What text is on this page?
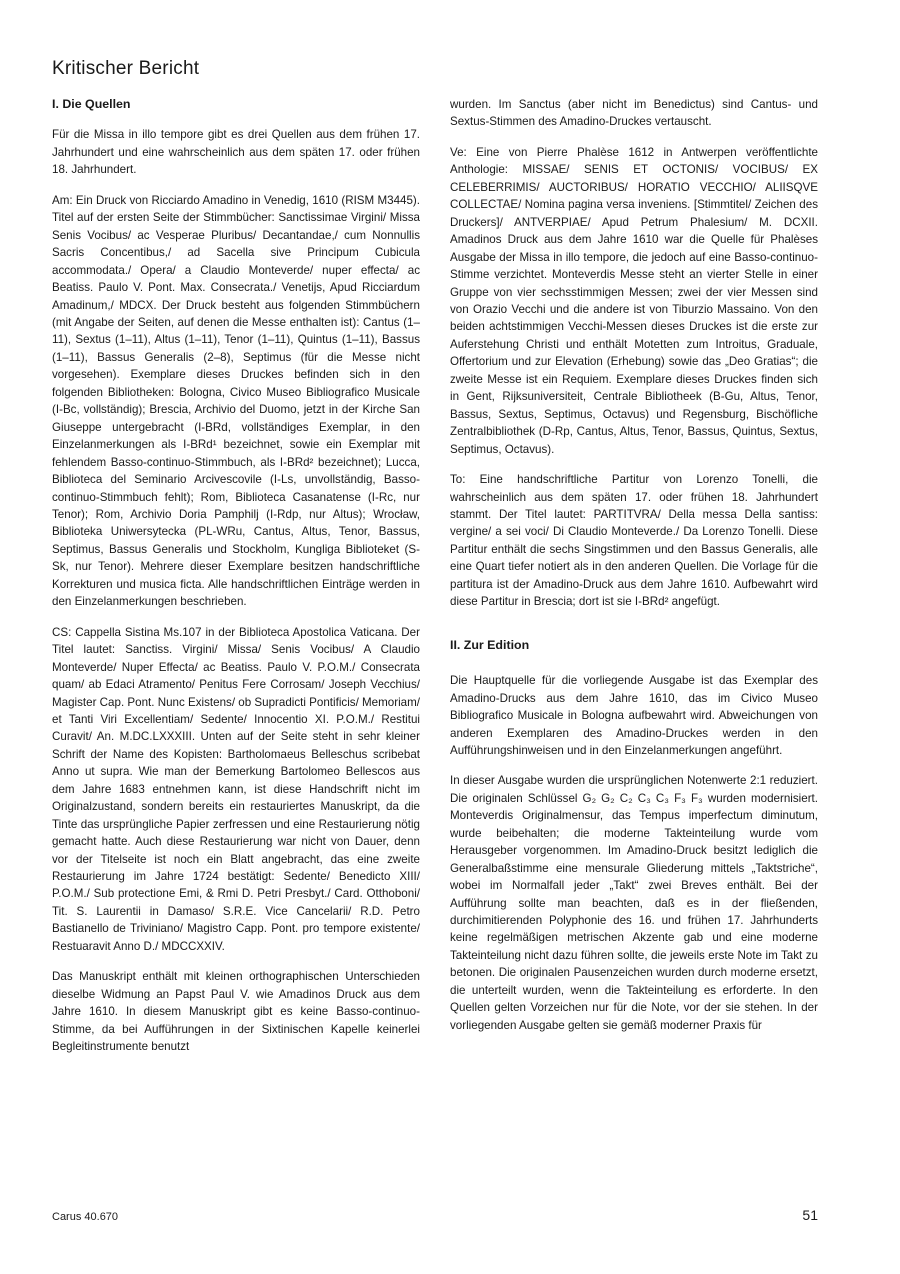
Kritischer Bericht
I. Die Quellen

Für die Missa in illo tempore gibt es drei Quellen aus dem frühen 17. Jahrhundert und eine wahrscheinlich aus dem späten 17. oder frühen 18. Jahrhundert.

Am: Ein Druck von Ricciardo Amadino in Venedig, 1610 (RISM M3445). Titel auf der ersten Seite der Stimmbücher: Sanctissimae Virgini/ Missa Senis Vocibus/ ac Vesperae Pluribus/ Decantandae,/ cum Nonnullis Sacris Concentibus,/ ad Sacella sive Principum Cubicula accommodata./ Opera/ a Claudio Monteverde/ nuper effecta/ ac Beatiss. Paulo V. Pont. Max. Consecrata./ Venetijs, Apud Ricciardum Amadinum,/ MDCX. Der Druck besteht aus folgenden Stimmbüchern (mit Angabe der Seiten, auf denen die Messe enthalten ist): Cantus (1–11), Sextus (1–11), Altus (1–11), Tenor (1–11), Quintus (1–11), Bassus (1–11), Bassus Generalis (2–8), Septimus (für die Messe nicht vorgesehen). Exemplare dieses Druckes befinden sich in den folgenden Bibliotheken: Bologna, Civico Museo Bibliografico Musicale (I-Bc, vollständig); Brescia, Archivio del Duomo, jetzt in der Kirche San Giuseppe untergebracht (I-BRd, vollständiges Exemplar, in den Einzelanmerkungen als I-BRd¹ bezeichnet, sowie ein Exemplar mit fehlendem Basso-continuo-Stimmbuch, als I-BRd² bezeichnet); Lucca, Biblioteca del Seminario Arcivescovile (I-Ls, unvollständig, Basso-continuo-Stimmbuch fehlt); Rom, Biblioteca Casanatense (I-Rc, nur Tenor); Rom, Archivio Doria Pamphilj (I-Rdp, nur Altus); Wrocław, Biblioteka Uniwersytecka (PL-WRu, Cantus, Altus, Tenor, Bassus, Septimus, Bassus Generalis und Stockholm, Kungliga Biblioteket (S-Sk, nur Tenor). Mehrere dieser Exemplare besitzen handschriftliche Korrekturen und musica ficta. Alle handschriftlichen Einträge werden in den Einzelanmerkungen beschrieben.

CS: Cappella Sistina Ms.107 in der Biblioteca Apostolica Vaticana. Der Titel lautet: Sanctiss. Virgini/ Missa/ Senis Vocibus/ A Claudio Monteverde/ Nuper Effecta/ ac Beatiss. Paulo V. P.O.M./ Consecrata quam/ ab Edaci Atramento/ Penitus Fere Corrosam/ Joseph Vecchius/ Magister Cap. Pont. Nunc Existens/ ob Supradicti Pontificis/ Memoriam/ et Tanti Viri Excellentiam/ Sedente/ Innocentio XI. P.O.M./ Restitui Curavit/ An. M.DC.LXXXIII. Unten auf der Seite steht in sehr kleiner Schrift der Name des Kopisten: Bartholomaeus Belleschus scribebat Anno ut supra. Wie man der Bemerkung Bartolomeo Bellescos aus dem Jahre 1683 entnehmen kann, ist diese Handschrift nicht im Originalzustand, sondern bereits ein restauriertes Manuskript, da die Tinte das ursprüngliche Papier zerfressen und eine Restaurierung nötig gemacht hatte. Auch diese Restaurierung war nicht von Dauer, denn vor der Titelseite ist noch ein Blatt angebracht, das eine zweite Restaurierung im Jahre 1724 bestätigt: Sedente/ Benedicto XIII/ P.O.M./ Sub protectione Emi, & Rmi D. Petri Presbyt./ Card. Otthoboni/ Tit. S. Laurentii in Damaso/ S.R.E. Vice Cancelarii/ R.D. Petro Bastianello de Triviniano/ Magistro Capp. Pont. pro tempore existente/ Restuaravit Anno D./ MDCCXXIV.

Das Manuskript enthält mit kleinen orthographischen Unterschieden dieselbe Widmung an Papst Paul V. wie Amadinos Druck aus dem Jahre 1610. In diesem Manuskript gibt es keine Basso-continuo-Stimme, da bei Aufführungen in der Sixtinischen Kapelle keinerlei Begleitinstrumente benutzt

wurden. Im Sanctus (aber nicht im Benedictus) sind Cantus- und Sextus-Stimmen des Amadino-Druckes vertauscht.

Ve: Eine von Pierre Phalèse 1612 in Antwerpen veröffentlichte Anthologie: MISSAE/ SENIS ET OCTONIS/ VOCIBUS/ EX CELEBERRIMIS/ AUCTORIBUS/ HORATIO VECCHIO/ ALIISQVE COLLECTAE/ Nomina pagina versa inveniens. [Stimmtitel/ Zeichen des Druckers]/ ANTVERPIAE/ Apud Petrum Phalesium/ M. DCXII. Amadinos Druck aus dem Jahre 1610 war die Quelle für Phalèses Ausgabe der Missa in illo tempore, die jedoch auf eine Basso-continuo-Stimme verzichtet. Monteverdis Messe steht an vierter Stelle in einer Gruppe von vier sechsstimmigen Messen; zwei der vier Messen sind von Orazio Vecchi und die andere ist von Tiburzio Massaino. Von den beiden achtstimmigen Vecchi-Messen dieses Druckes ist die erste zur Auferstehung Christi und enthält Motetten zum Introitus, Graduale, Offertorium und zur Elevation (Erhebung) sowie das „Deo Gratias“; die zweite Messe ist ein Requiem. Exemplare dieses Druckes finden sich in Gent, Rijksuniversiteit, Centrale Bibliotheek (B-Gu, Altus, Tenor, Bassus, Sextus, Septimus, Octavus) und Regensburg, Bischöfliche Zentralbibliothek (D-Rp, Cantus, Altus, Tenor, Bassus, Quintus, Sextus, Septimus, Octavus).

To: Eine handschriftliche Partitur von Lorenzo Tonelli, die wahrscheinlich aus dem späten 17. oder frühen 18. Jahrhundert stammt. Der Titel lautet: PARTITVRA/ Della messa Della santiss: vergine/ a sei voci/ Di Claudio Monteverde./ Da Lorenzo Tonelli. Diese Partitur enthält die sechs Singstimmen und den Bassus Generalis, alle eine Quart tiefer notiert als in den anderen Quellen. Die Vorlage für die partitura ist der Amadino-Druck aus dem Jahre 1610. Aufbewahrt wird diese Partitur in Brescia; dort ist sie I-BRd² angefügt.

II. Zur Edition

Die Hauptquelle für die vorliegende Ausgabe ist das Exemplar des Amadino-Drucks aus dem Jahre 1610, das im Civico Museo Bibliografico Musicale in Bologna aufbewahrt wird. Abweichungen von anderen Exemplaren des Amadino-Druckes werden in den Aufführungshinweisen und in den Einzelanmerkungen angeführt.

In dieser Ausgabe wurden die ursprünglichen Notenwerte 2:1 reduziert. Die originalen Schlüssel G₂ G₂ C₂ C₃ C₃ F₃ F₃ wurden modernisiert. Monteverdis Originalmensur, das Tempus imperfectum diminutum, wurde beibehalten; die moderne Takteinteilung wurde vom Herausgeber vorgenommen. Im Amadino-Druck besitzt lediglich die Generalbaßstimme eine mensurale Gliederung mittels „Taktstriche“, wobei im Normalfall jeder „Takt“ zwei Breves enthält. Bei der Aufführung sollte man beachten, daß es in der fließenden, durchimitierenden Polyphonie des 16. und frühen 17. Jahrhunderts keine regelmäßigen metrischen Akzente gab und eine moderne Takteinteilung nicht dazu führen sollte, die jeweils erste Note im Takt zu betonen. Die originalen Pausenzeichen wurden durch moderne ersetzt, die unterteilt wurden, wenn die Takteinteilung es erforderte. In den Quellen gelten Vorzeichen nur für die Note, vor der sie stehen. In der vorliegenden Ausgabe gelten sie gemäß moderner Praxis für

Carus 40.670	51
